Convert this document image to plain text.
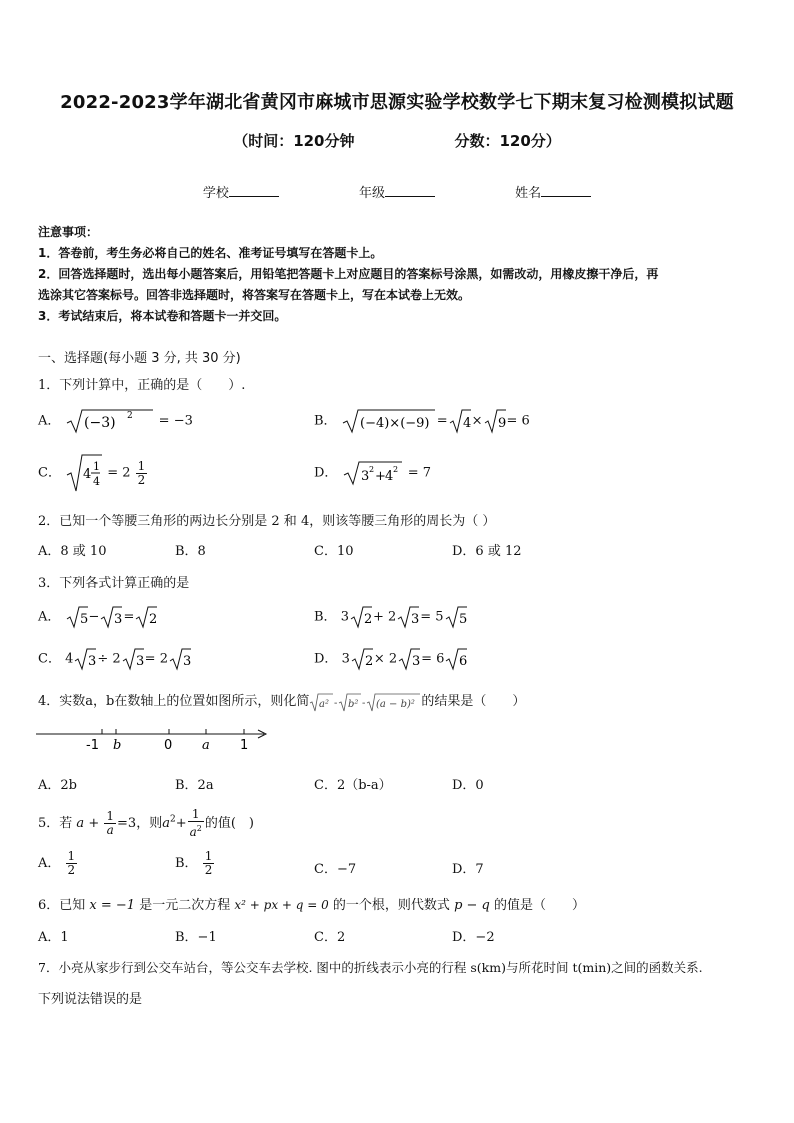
2022-2023学年湖北省黄冈市麻城市思源实验学校数学七下期末复习检测模拟试题
（时间：120分钟	分数：120分）
学校	年级	姓名
注意事项：
1．答卷前，考生务必将自己的姓名、准考证号填写在答题卡上。
2．回答选择题时，选出每小题答案后，用铅笔把答题卡上对应题目的答案标号涂黑，如需改动，用橡皮擦干净后，再
选涂其它答案标号。回答非选择题时，将答案写在答题卡上，写在本试卷上无效。
3．考试结束后，将本试卷和答题卡一并交回。
一、选择题(每小题 3 分, 共 30 分)
1．下列计算中，正确的是（　　）.
A． (−3) 2 = −3	B． (−4)×(−9) = 4 × 9 = 6
C． 4
1
4
= $2 \frac{1}{2}$	D． 3 2 + 4 2 = 7
2．已知一个等腰三角形的两边长分别是 2 和 4，则该等腰三角形的周长为（ ）
A．8 或 10	B．8	C．10	D．6 或 12
3．下列各式计算正确的是
A． 5 − 3 = 2	B． 3 2 + 2 3 = 5 5
C． 4 3 ÷ 2 3 = 2 3	D． 3 2 × 2 3 = 6 6
4．实数a，b在数轴上的位置如图所示，则化简 a² - b² - (a − b)² 的结果是（　　）
-1 b	0 a 1
A．2b	B．2a	C．2（b-a）	D．0
5．若 $a + \frac{1}{a} =3$，则$a^2+ \frac{1}{a^2}$ 的值(　)
A． $\frac{1}{2}$	B． $\frac{1}{2}$	C．−7	D．7
6．已知 x = −1 是一元二次方程 x² + px + q = 0 的一个根，则代数式 p − q 的值是（　　）
A．1	B．−1	C．2	D．−2
7．小亮从家步行到公交车站台，等公交车去学校. 图中的折线表示小亮的行程 s(km)与所花时间 t(min)之间的函数关系.
下列说法错误的是
